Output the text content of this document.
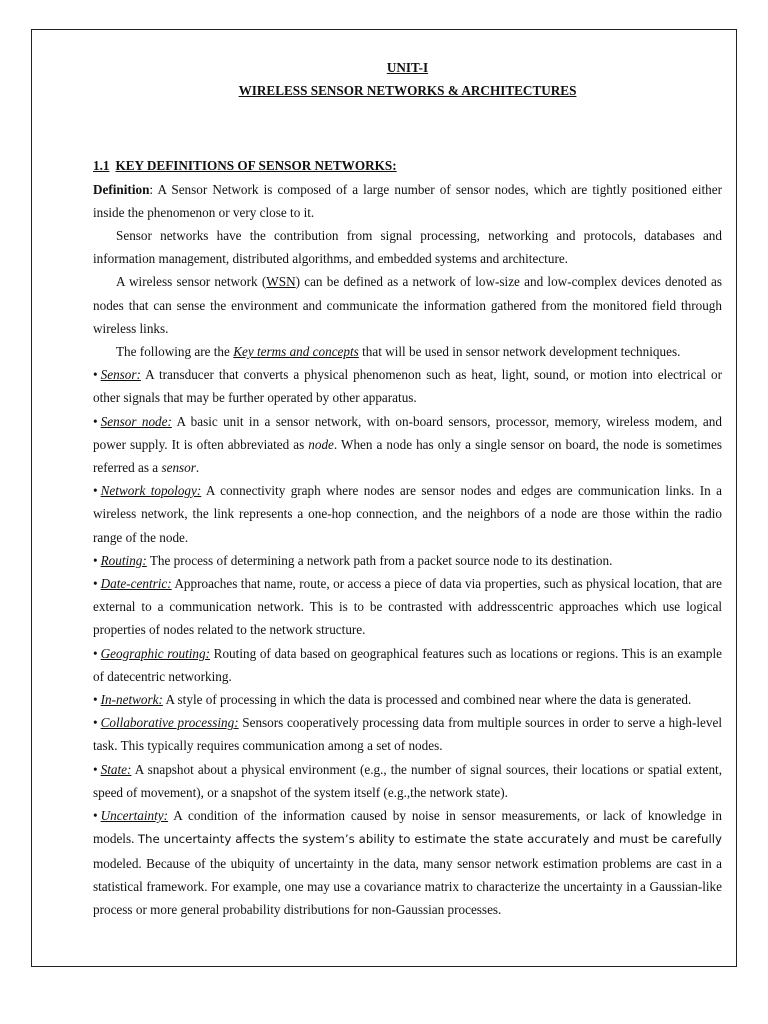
UNIT-I

WIRELESS SENSOR NETWORKS & ARCHITECTURES

1.1 KEY DEFINITIONS OF SENSOR NETWORKS:

Definition: A Sensor Network is composed of a large number of sensor nodes, which are tightly positioned either inside the phenomenon or very close to it.

Sensor networks have the contribution from signal processing, networking and protocols, databases and information management, distributed algorithms, and embedded systems and architecture.

A wireless sensor network (WSN) can be defined as a network of low-size and low-complex devices denoted as nodes that can sense the environment and communicate the information gathered from the monitored field through wireless links.

The following are the Key terms and concepts that will be used in sensor network development techniques.

• Sensor: A transducer that converts a physical phenomenon such as heat, light, sound, or motion into electrical or other signals that may be further operated by other apparatus.

• Sensor node: A basic unit in a sensor network, with on-board sensors, processor, memory, wireless modem, and power supply. It is often abbreviated as node. When a node has only a single sensor on board, the node is sometimes referred as a sensor.

• Network topology: A connectivity graph where nodes are sensor nodes and edges are communication links. In a wireless network, the link represents a one-hop connection, and the neighbors of a node are those within the radio range of the node.

• Routing: The process of determining a network path from a packet source node to its destination.

• Date-centric: Approaches that name, route, or access a piece of data via properties, such as physical location, that are external to a communication network. This is to be contrasted with addresscentric approaches which use logical properties of nodes related to the network structure.

• Geographic routing: Routing of data based on geographical features such as locations or regions. This is an example of datecentric networking.

• In-network: A style of processing in which the data is processed and combined near where the data is generated.

• Collaborative processing: Sensors cooperatively processing data from multiple sources in order to serve a high-level task. This typically requires communication among a set of nodes.

• State: A snapshot about a physical environment (e.g., the number of signal sources, their locations or spatial extent, speed of movement), or a snapshot of the system itself (e.g.,the network state).

• Uncertainty: A condition of the information caused by noise in sensor measurements, or lack of knowledge in models. The uncertainty affects the system’s ability to estimate the state accurately and must be carefully modeled. Because of the ubiquity of uncertainty in the data, many sensor network estimation problems are cast in a statistical framework. For example, one may use a covariance matrix to characterize the uncertainty in a Gaussian-like process or more general probability distributions for non-Gaussian processes.
